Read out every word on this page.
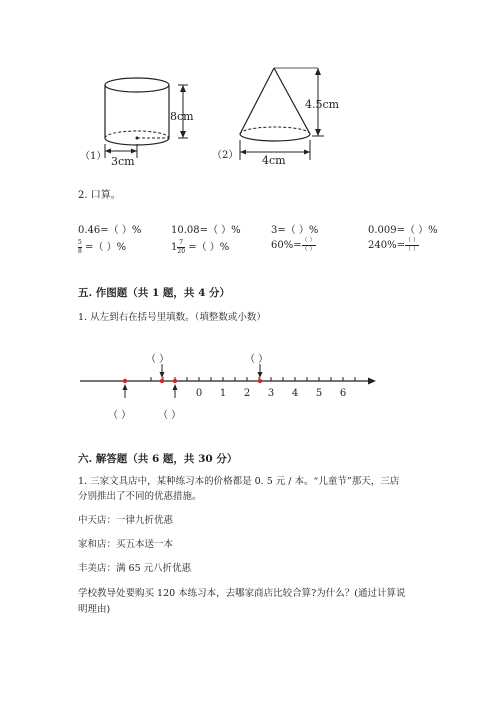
8cm
（1） 3cm
4.5cm
（2） 4cm
2. 口算。
0.46=（ ）%	10.08=（ ）%	3=（ ）%	0.009=（ ）%
$\frac{5}{8}$ =（ ）%	$1 \frac{7}{20}$ =（ ）%	$60\%= \frac{( )}{( )}$	$240\%= \frac{( )}{( )}$
五. 作图题（共 1 题，共 4 分）
1. 从左到右在括号里填数。（填整数或小数）
0 1 2 3 4 5 6
（ ）	（ ）
（ ）	（ ）
六. 解答题（共 6 题，共 30 分）
1. 三家文具店中，某种练习本的价格都是 0. 5 元 / 本。“儿童节”那天，三店
分别推出了不同的优惠措施。
中天店：一律九折优惠
家和店：买五本送一本
丰美店：满 65 元八折优惠
学校教导处要购买 120 本练习本，去哪家商店比较合算?为什么？(通过计算说
明理由)
